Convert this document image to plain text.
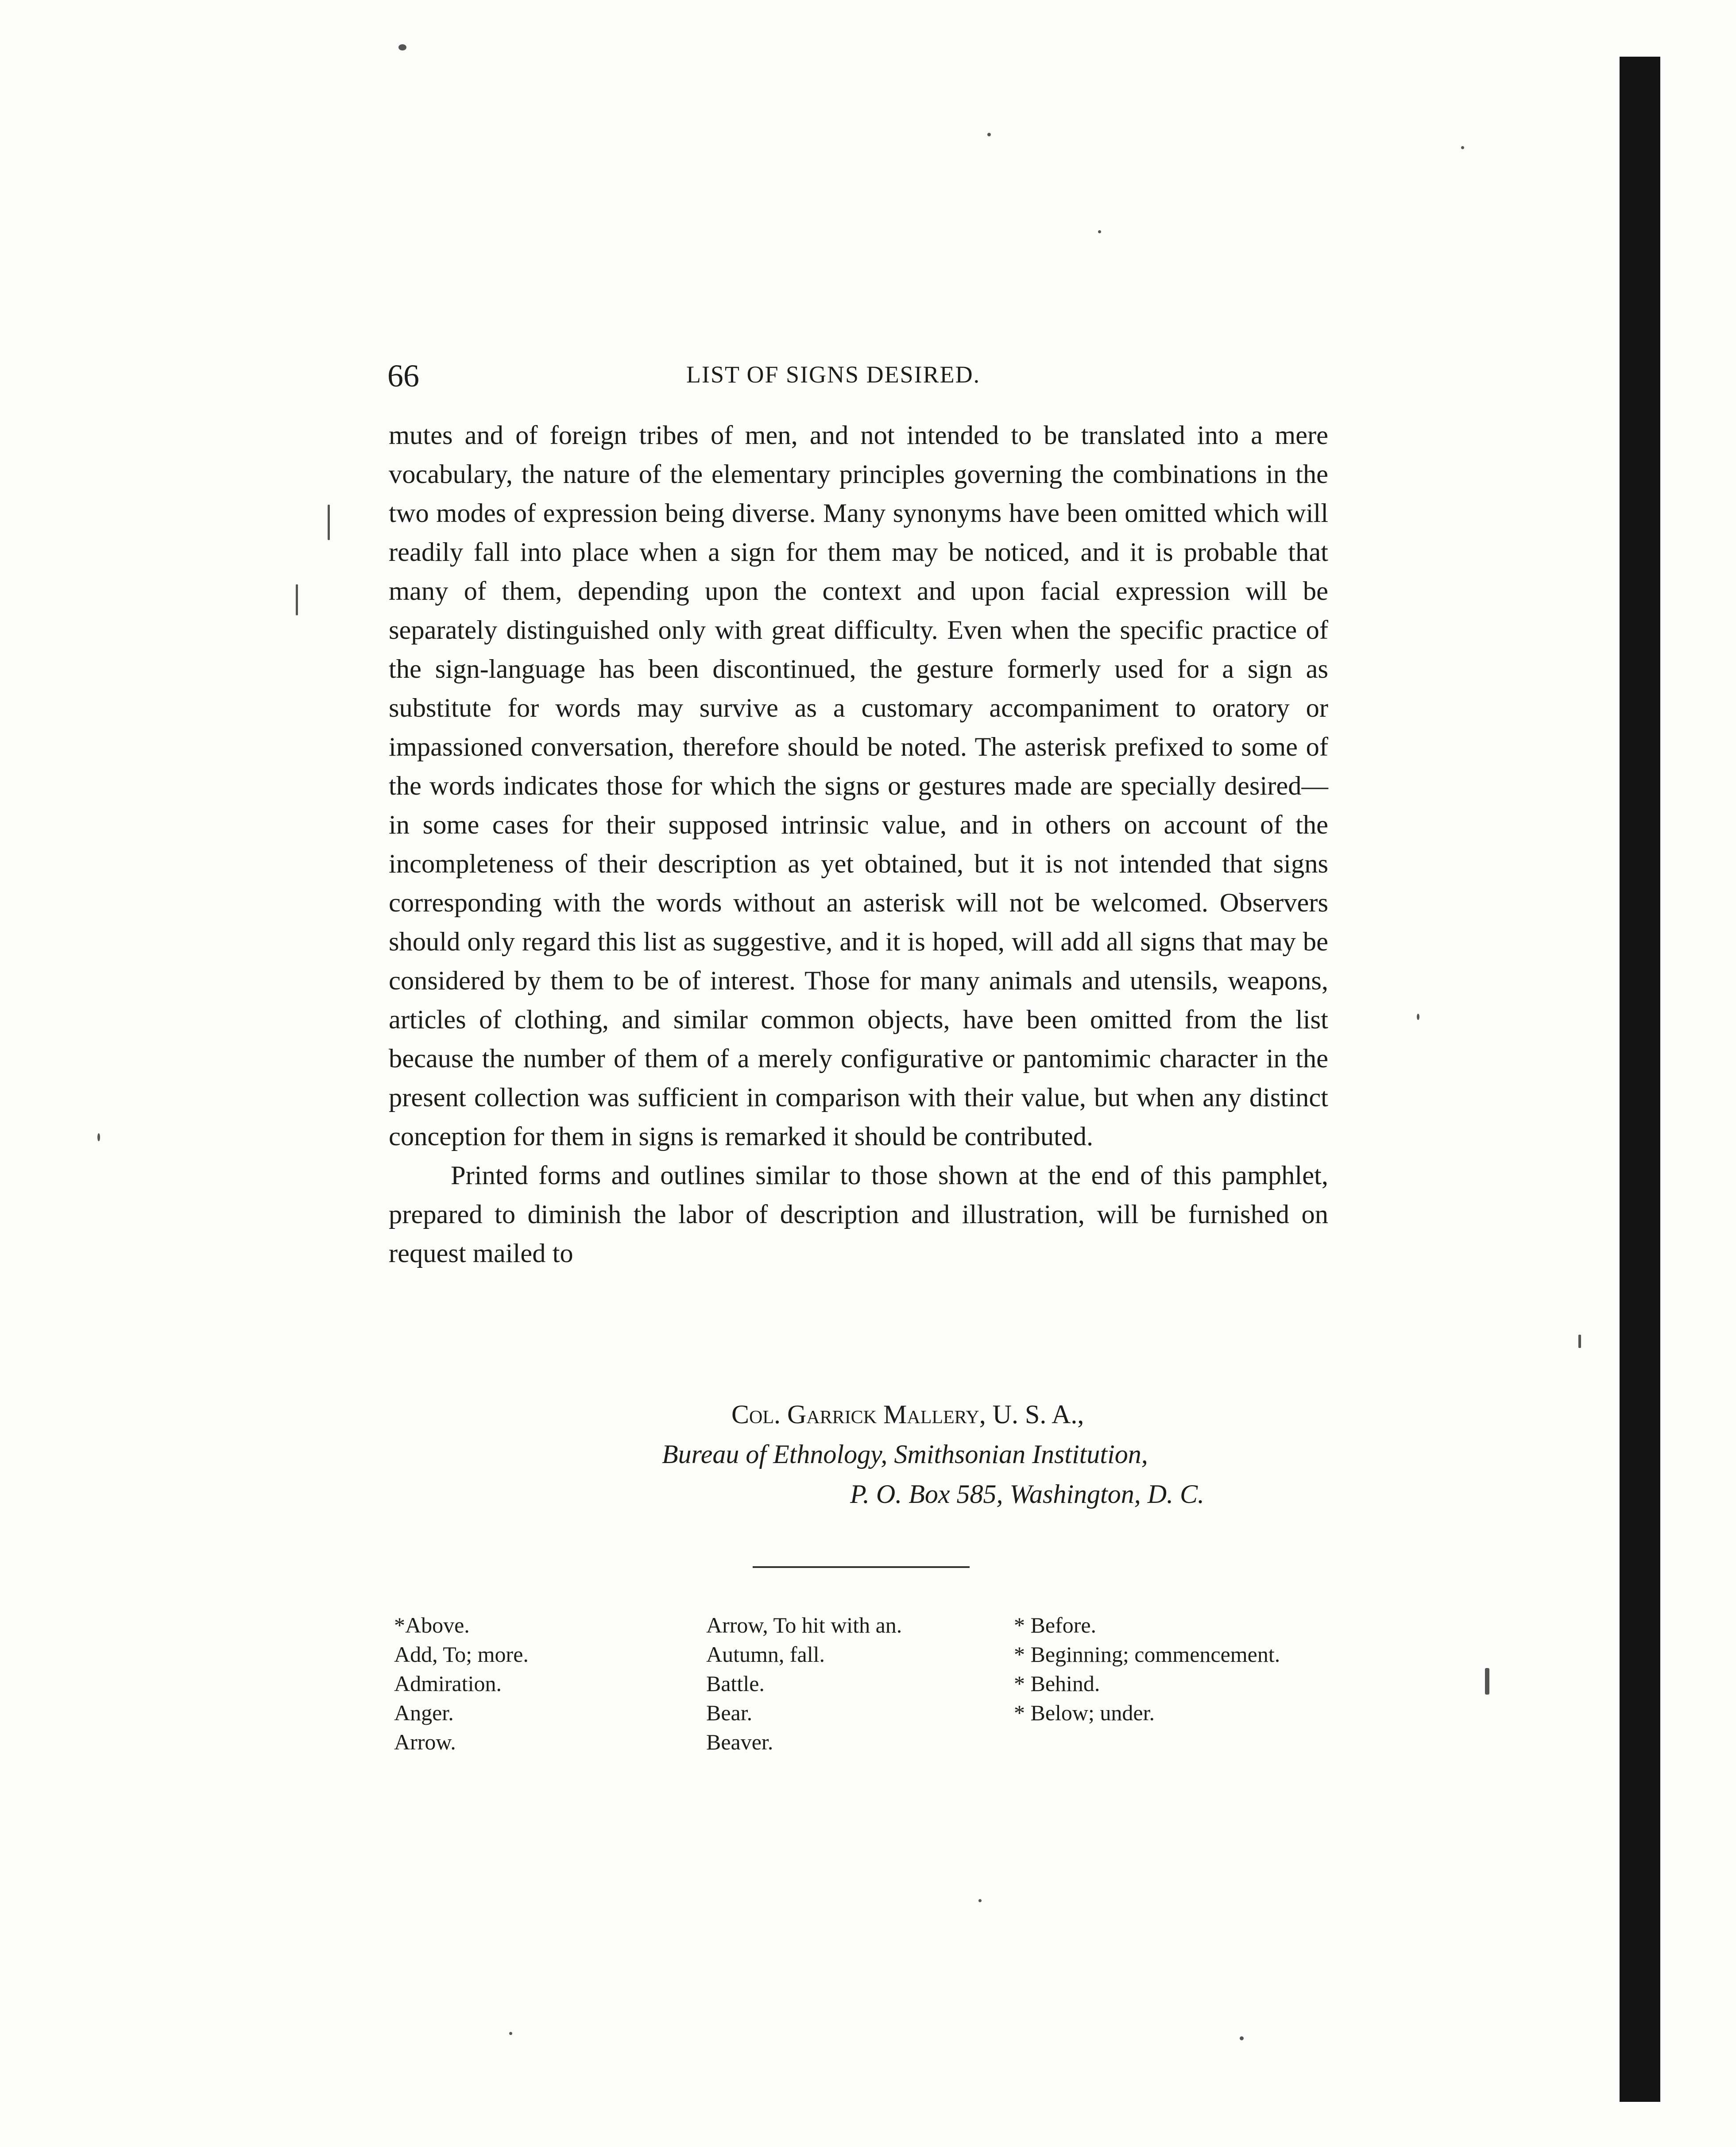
66	LIST OF SIGNS DESIRED.

mutes and of foreign tribes of men, and not intended to be translated into a mere vocabulary, the nature of the elementary principles governing the combinations in the two modes of expression being diverse. Many synonyms have been omitted which will readily fall into place when a sign for them may be noticed, and it is probable that many of them, depending upon the context and upon facial expression will be separately distinguished only with great difficulty. Even when the specific practice of the sign-language has been discontinued, the gesture formerly used for a sign as substitute for words may survive as a customary accompaniment to oratory or impassioned conversation, therefore should be noted. The asterisk prefixed to some of the words indicates those for which the signs or gestures made are specially desired—in some cases for their supposed intrinsic value, and in others on account of the incompleteness of their description as yet obtained, but it is not intended that signs corresponding with the words without an asterisk will not be welcomed. Observers should only regard this list as suggestive, and it is hoped, will add all signs that may be considered by them to be of interest. Those for many animals and utensils, weapons, articles of clothing, and similar common objects, have been omitted from the list because the number of them of a merely configurative or pantomimic character in the present collection was sufficient in comparison with their value, but when any distinct conception for them in signs is remarked it should be contributed.

Printed forms and outlines similar to those shown at the end of this pamphlet, prepared to diminish the labor of description and illustration, will be furnished on request mailed to

Col. Garrick Mallery, U. S. A.,
Bureau of Ethnology, Smithsonian Institution,
P. O. Box 585, Washington, D. C.
*Above.
Add, To; more.
Admiration.
Anger.
Arrow.
Arrow, To hit with an.
Autumn, fall.
Battle.
Bear.
Beaver.
* Before.
* Beginning; commencement.
* Behind.
* Below; under.
